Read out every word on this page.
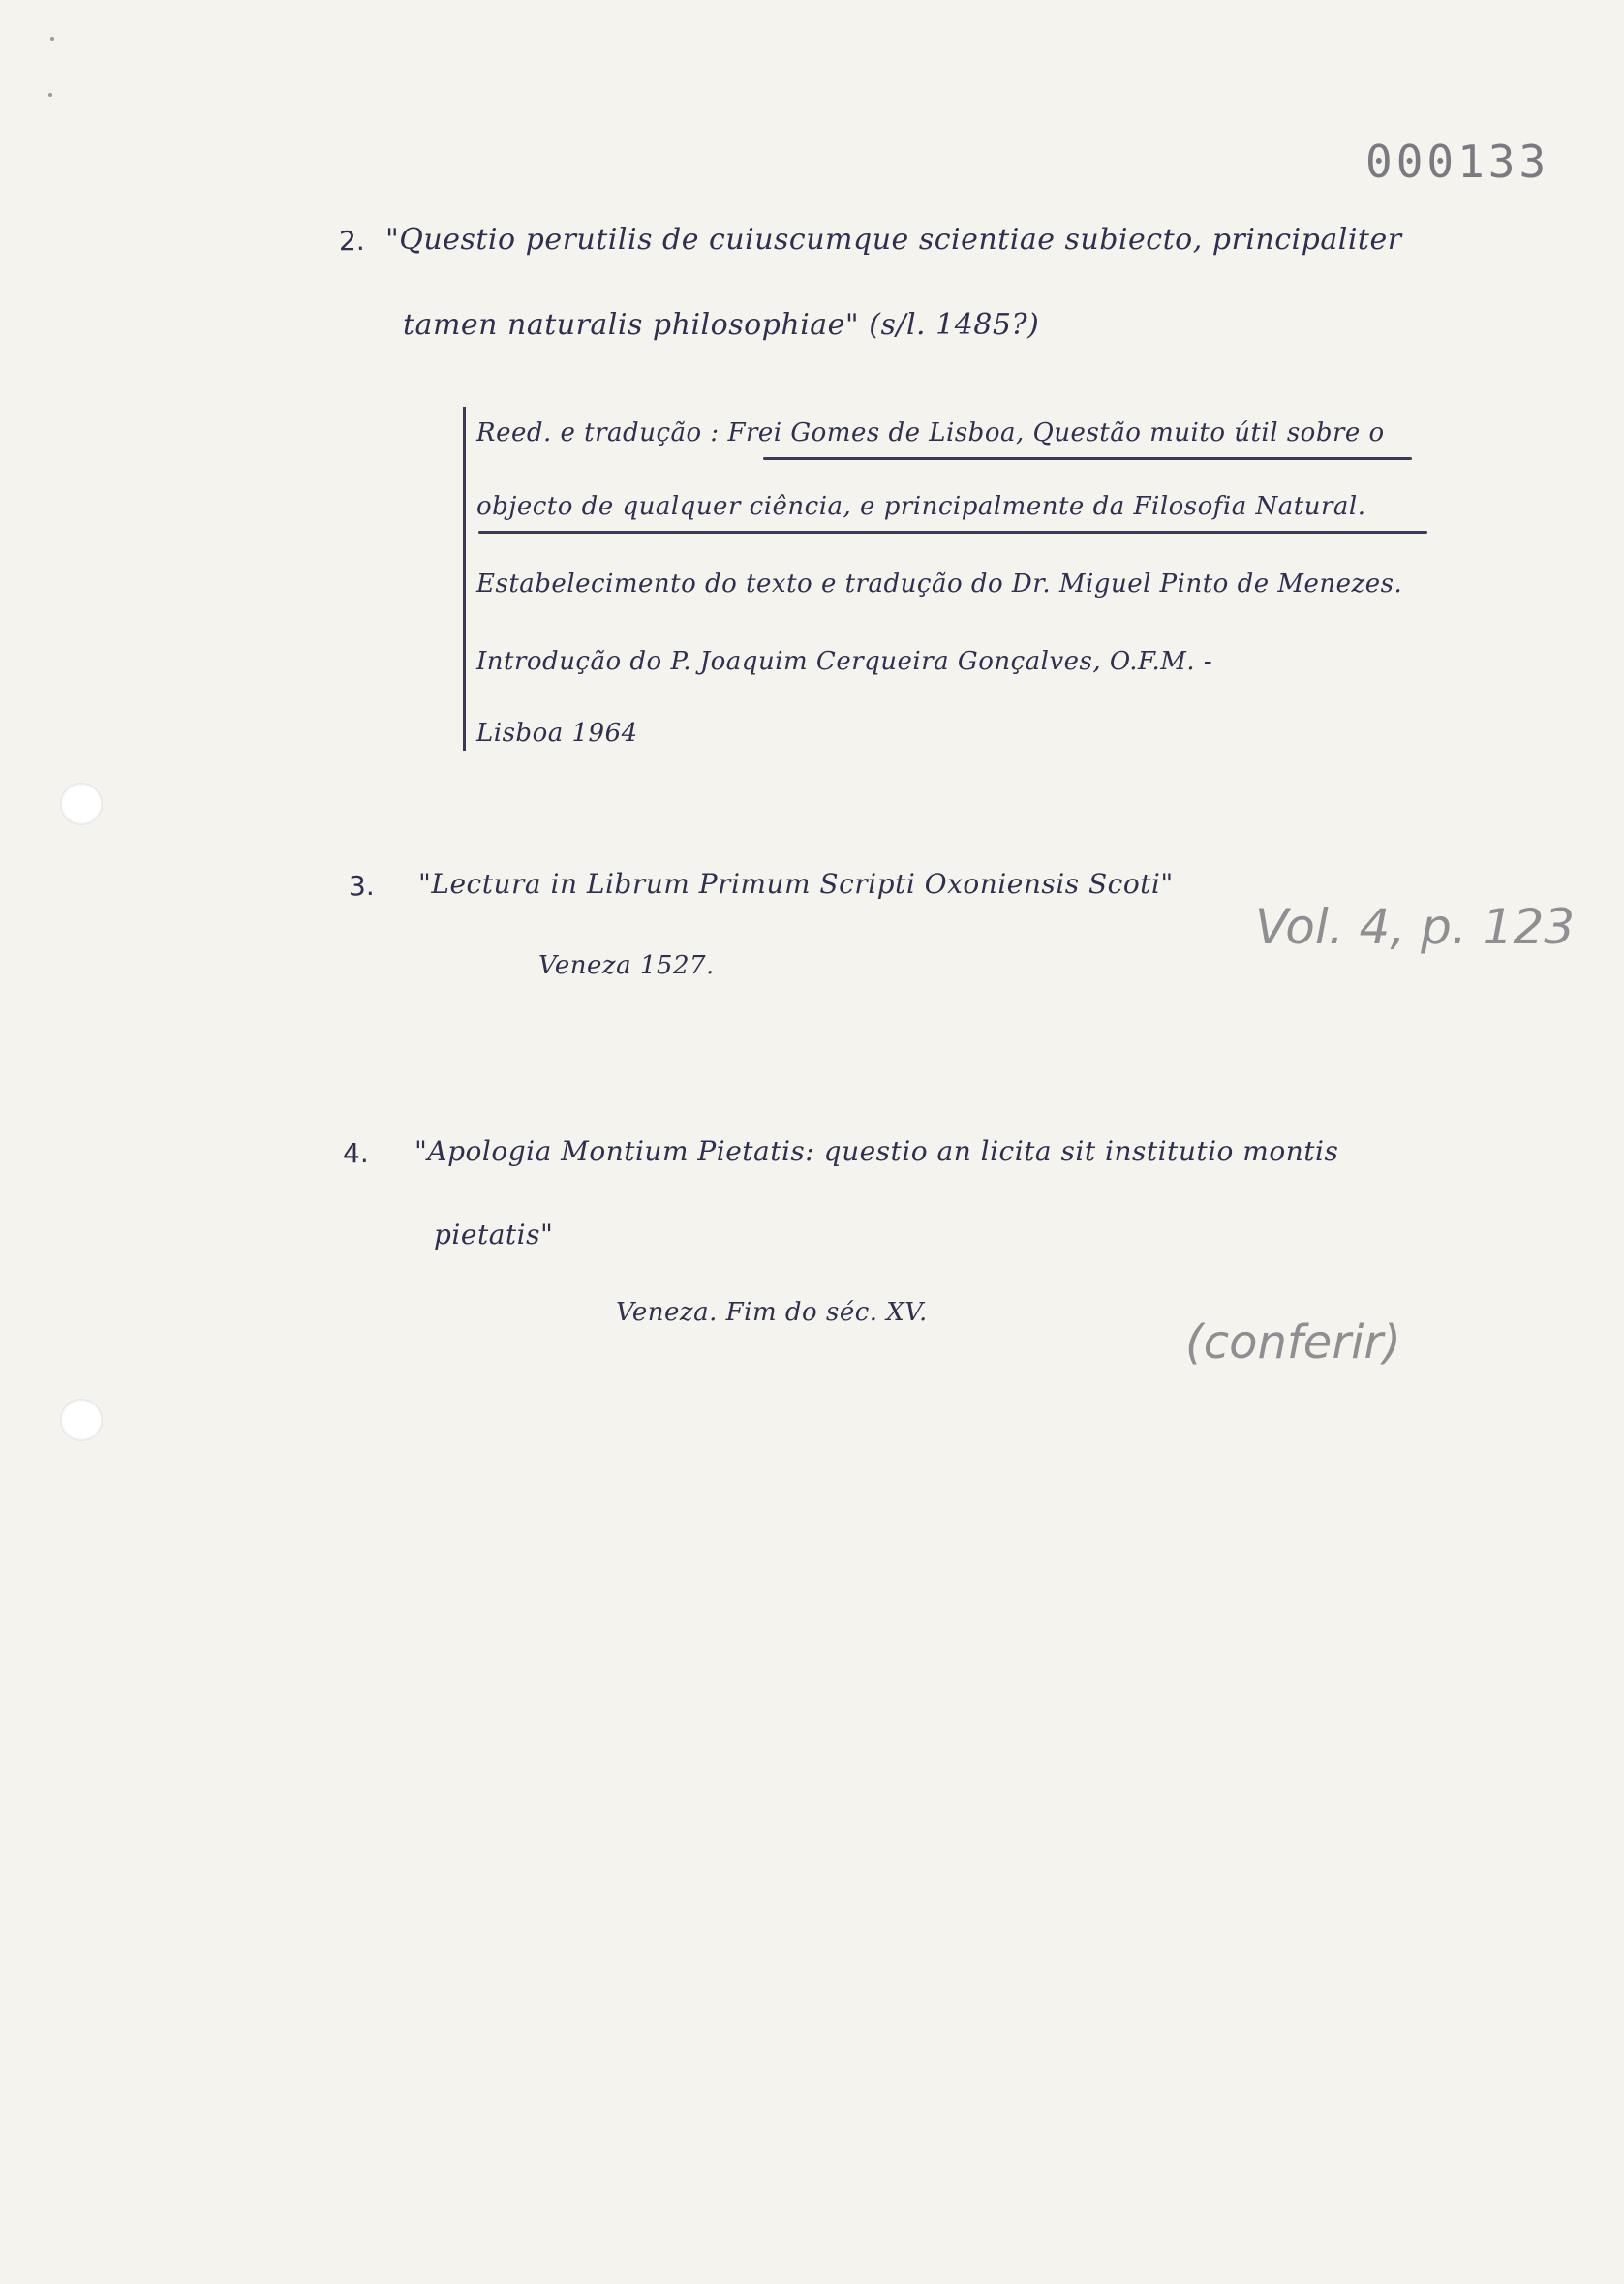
000133
2. "Questio perutilis de cuiuscumque scientiae subiecto, principaliter
tamen naturalis philosophiae" (s/l. 1485?)
Reed. e tradução : Frei Gomes de Lisboa, Questão muito útil sobre o
objecto de qualquer ciência, e principalmente da Filosofia Natural.
Estabelecimento do texto e tradução do Dr. Miguel Pinto de Menezes.
Introdução do P. Joaquim Cerqueira Gonçalves, O.F.M. -
Lisboa 1964
3. "Lectura in Librum Primum Scripti Oxoniensis Scoti"
Veneza 1527.
Vol. 4, p. 123
4. "Apologia Montium Pietatis: questio an licita sit institutio montis
pietatis"
Veneza. Fim do séc. XV.
(conferir)
